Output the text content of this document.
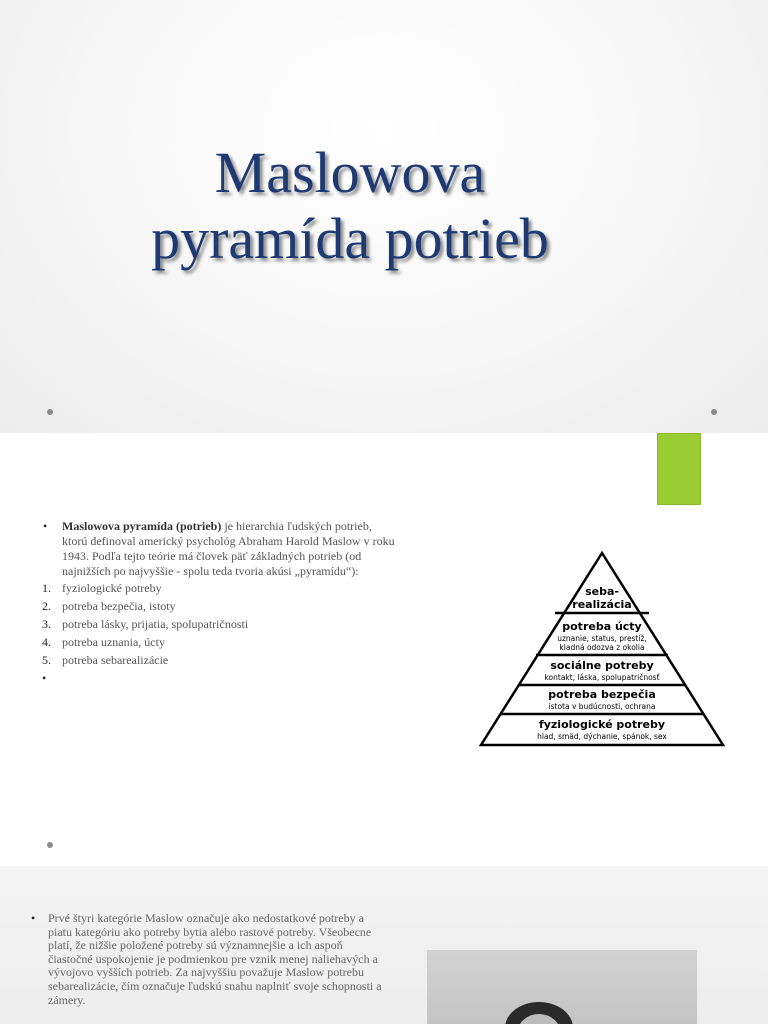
Maslowova
pyramída potrieb
• Maslowova pyramída (potrieb) je hierarchia ľudských potrieb, ktorú definoval americký psychológ Abraham Harold Maslow v roku 1943. Podľa tejto teórie má človek päť základných potrieb (od najnižších po najvyššie - spolu teda tvoria akúsi „pyramídu“):
1. fyziologické potreby
2. potreba bezpečia, istoty
3. potreba lásky, prijatia, spolupatričnosti
4. potreba uznania, úcty
5. potreba sebarealizácie
•
seba-
realizácia
potreba úcty
uznanie, status, prestíž,
kladná odozva z okolia
sociálne potreby
kontakt, láska, spolupatričnosť
potreba bezpečia
istota v budúcnosti, ochrana
fyziologické potreby
hlad, smäd, dýchanie, spánok, sex
• Prvé štyri kategórie Maslow označuje ako nedostatkové potreby a piatu kategóriu ako potreby bytia alebo rastové potreby. Všeobecne platí, že nižšie položené potreby sú významnejšie a ich aspoň čiastočné uspokojenie je podmienkou pre vznik menej naliehavých a vývojovo vyšších potrieb. Za najvyššiu považuje Maslow potrebu sebarealizácie, čím označuje ľudskú snahu naplniť svoje schopnosti a zámery.
